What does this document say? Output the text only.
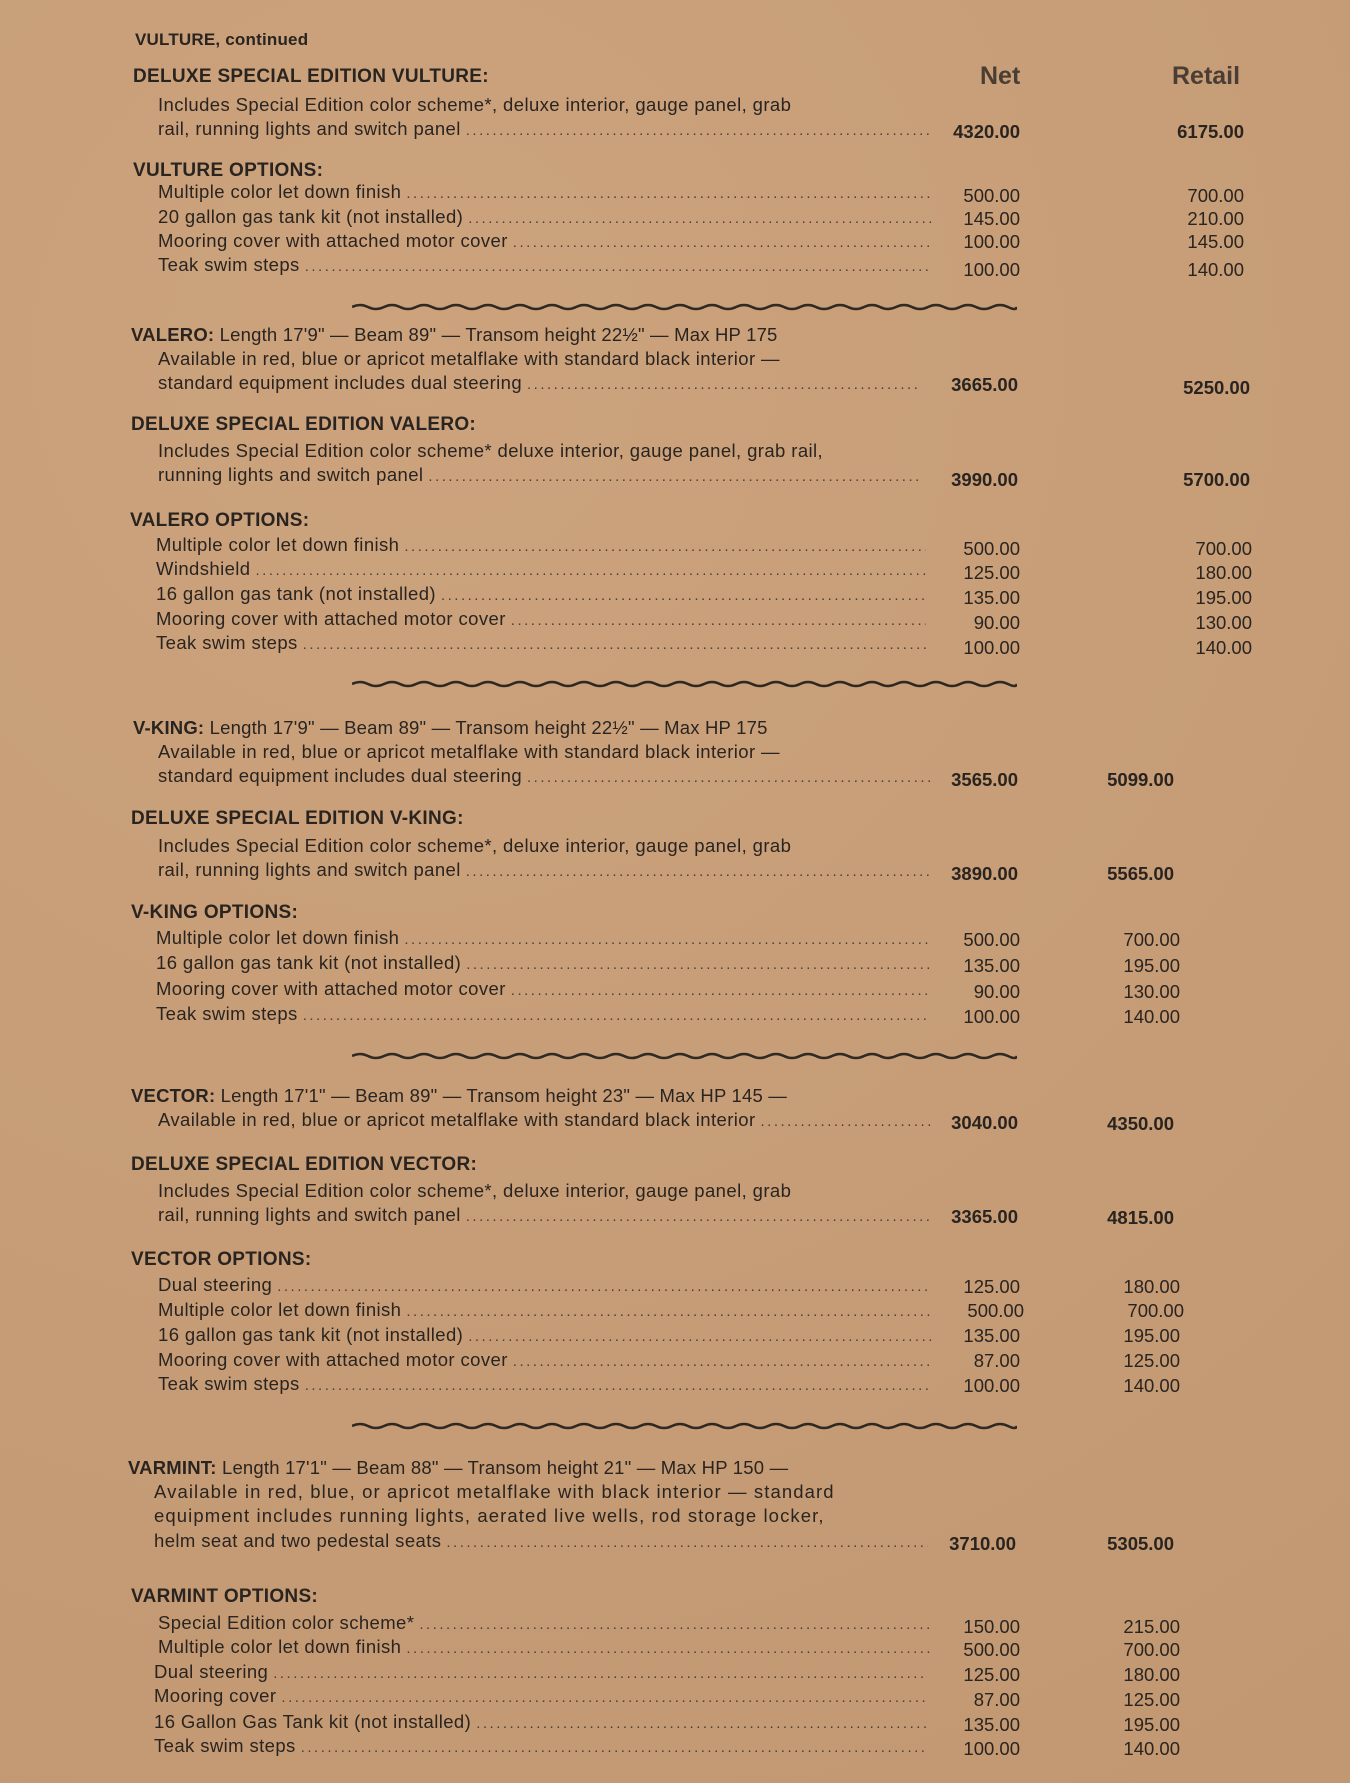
VULTURE, continued
Net	Retail
DELUXE SPECIAL EDITION VULTURE:
Includes Special Edition color scheme*, deluxe interior, gauge panel, grab
rail, running lights and switch panel .....	4320.00	6175.00
VULTURE OPTIONS:
Multiple color let down finish .....	500.00	700.00
20 gallon gas tank kit (not installed) .....	145.00	210.00
Mooring cover with attached motor cover .....	100.00	145.00
Teak swim steps .....	100.00	140.00
VALERO: Length 17'9" — Beam 89" — Transom height 22½" — Max HP 175
Available in red, blue or apricot metalflake with standard black interior —
standard equipment includes dual steering .....	3665.00	5250.00
DELUXE SPECIAL EDITION VALERO:
Includes Special Edition color scheme* deluxe interior, gauge panel, grab rail,
running lights and switch panel .....	3990.00	5700.00
VALERO OPTIONS:
Multiple color let down finish .....	500.00	700.00
Windshield .....	125.00	180.00
16 gallon gas tank (not installed) .....	135.00	195.00
Mooring cover with attached motor cover .....	90.00	130.00
Teak swim steps .....	100.00	140.00
V-KING: Length 17'9" — Beam 89" — Transom height 22½" — Max HP 175
Available in red, blue or apricot metalflake with standard black interior —
standard equipment includes dual steering .....	3565.00	5099.00
DELUXE SPECIAL EDITION V-KING:
Includes Special Edition color scheme*, deluxe interior, gauge panel, grab
rail, running lights and switch panel .....	3890.00	5565.00
V-KING OPTIONS:
Multiple color let down finish .....	500.00	700.00
16 gallon gas tank kit (not installed) .....	135.00	195.00
Mooring cover with attached motor cover .....	90.00	130.00
Teak swim steps .....	100.00	140.00
VECTOR: Length 17'1" — Beam 89" — Transom height 23" — Max HP 145 —
Available in red, blue or apricot metalflake with standard black interior .....	3040.00	4350.00
DELUXE SPECIAL EDITION VECTOR:
Includes Special Edition color scheme*, deluxe interior, gauge panel, grab
rail, running lights and switch panel .....	3365.00	4815.00
VECTOR OPTIONS:
Dual steering .....	125.00	180.00
Multiple color let down finish .....	500.00	700.00
16 gallon gas tank kit (not installed) .....	135.00	195.00
Mooring cover with attached motor cover .....	87.00	125.00
Teak swim steps .....	100.00	140.00
VARMINT: Length 17'1" — Beam 88" — Transom height 21" — Max HP 150 —
Available in red, blue, or apricot metalflake with black interior — standard
equipment includes running lights, aerated live wells, rod storage locker,
helm seat and two pedestal seats .....	3710.00	5305.00
VARMINT OPTIONS:
Special Edition color scheme* .....	150.00	215.00
Multiple color let down finish .....	500.00	700.00
Dual steering .....	125.00	180.00
Mooring cover .....	87.00	125.00
16 Gallon Gas Tank kit (not installed) .....	135.00	195.00
Teak swim steps .....	100.00	140.00
